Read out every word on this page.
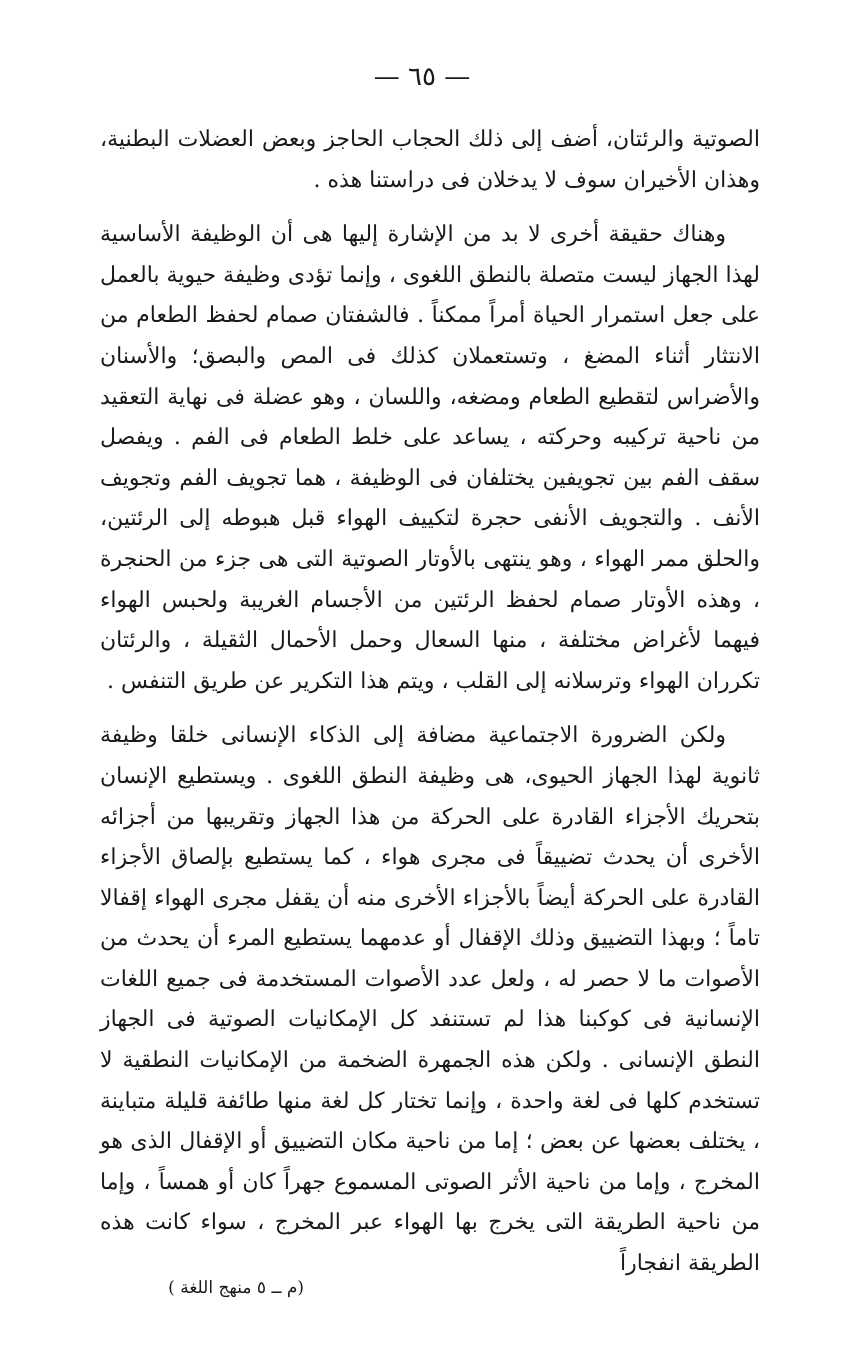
— ٦٥ —

الصوتية والرئتان، أضف إلى ذلك الحجاب الحاجز وبعض العضلات البطنية، وهذان الأخيران سوف لا يدخلان فى دراستنا هذه .

وهناك حقيقة أخرى لا بد من الإشارة إليها هى أن الوظيفة الأساسية لهذا الجهاز ليست متصلة بالنطق اللغوى ، وإنما تؤدى وظيفة حيوية بالعمل على جعل استمرار الحياة أمراً ممكناً . فالشفتان صمام لحفظ الطعام من الانتثار أثناء المضغ ، وتستعملان كذلك فى المص والبصق؛ والأسنان والأضراس لتقطيع الطعام ومضغه، واللسان ، وهو عضلة فى نهاية التعقيد من ناحية تركيبه وحركته ، يساعد على خلط الطعام فى الفم . ويفصل سقف الفم بين تجويفين يختلفان فى الوظيفة ، هما تجويف الفم وتجويف الأنف . والتجويف الأنفى حجرة لتكييف الهواء قبل هبوطه إلى الرئتين، والحلق ممر الهواء ، وهو ينتهى بالأوتار الصوتية التى هى جزء من الحنجرة ، وهذه الأوتار صمام لحفظ الرئتين من الأجسام الغريبة ولحبس الهواء فيهما لأغراض مختلفة ، منها السعال وحمل الأحمال الثقيلة ، والرئتان تكرران الهواء وترسلانه إلى القلب ، ويتم هذا التكرير عن طريق التنفس .

ولكن الضرورة الاجتماعية مضافة إلى الذكاء الإنسانى خلقا وظيفة ثانوية لهذا الجهاز الحيوى، هى وظيفة النطق اللغوى . ويستطيع الإنسان بتحريك الأجزاء القادرة على الحركة من هذا الجهاز وتقريبها من أجزائه الأخرى أن يحدث تضييقاً فى مجرى هواء ، كما يستطيع بإلصاق الأجزاء القادرة على الحركة أيضاً بالأجزاء الأخرى منه أن يقفل مجرى الهواء إقفالا تاماً ؛ وبهذا التضييق وذلك الإقفال أو عدمهما يستطيع المرء أن يحدث من الأصوات ما لا حصر له ، ولعل عدد الأصوات المستخدمة فى جميع اللغات الإنسانية فى كوكبنا هذا لم تستنفد كل الإمكانيات الصوتية فى الجهاز النطق الإنسانى . ولكن هذه الجمهرة الضخمة من الإمكانيات النطقية لا تستخدم كلها فى لغة واحدة ، وإنما تختار كل لغة منها طائفة قليلة متباينة ، يختلف بعضها عن بعض ؛ إما من ناحية مكان التضييق أو الإقفال الذى هو المخرج ، وإما من ناحية الأثر الصوتى المسموع جهراً كان أو همساً ، وإما من ناحية الطريقة التى يخرج بها الهواء عبر المخرج ، سواء كانت هذه الطريقة انفجاراً

(م ــ ٥ منهج اللغة )
